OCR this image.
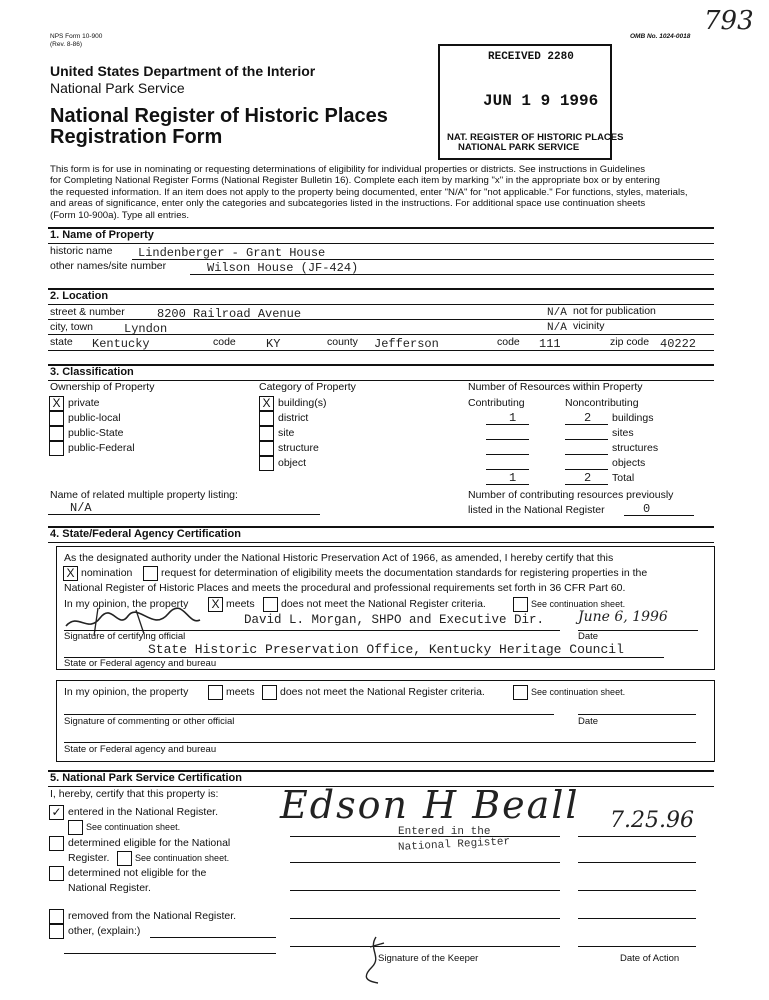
NPS Form 10-900
(Rev. 8-86)
OMB No. 1024-0018
793
United States Department of the Interior
National Park Service
National Register of Historic Places
Registration Form
RECEIVED 2280
JUN 1 9 1996
NAT. REGISTER OF HISTORIC PLACES
NATIONAL PARK SERVICE
This form is for use in nominating or requesting determinations of eligibility for individual properties or districts. See instructions in Guidelines
for Completing National Register Forms (National Register Bulletin 16). Complete each item by marking "x" in the appropriate box or by entering
the requested information. If an item does not apply to the property being documented, enter "N/A" for "not applicable." For functions, styles, materials,
and areas of significance, enter only the categories and subcategories listed in the instructions. For additional space use continuation sheets
(Form 10-900a). Type all entries.
1. Name of Property
historic name Lindenberger - Grant House
other names/site number	Wilson House (JF-424)
2. Location
street & number	8200 Railroad Avenue	N/A not for publication
city, town	Lyndon	N/A vicinity
state Kentucky	code	KY	county Jefferson	code 111	zip code 40222
3. Classification
Ownership of Property
X private
public-local
public-State
public-Federal
Category of Property
X building(s)
district
site
structure
object
Number of Resources within Property
Contributing	Noncontributing
1	2 buildings
sites
structures
objects
1	2 Total
Name of related multiple property listing:
N/A
Number of contributing resources previously
listed in the National Register	0
4. State/Federal Agency Certification
As the designated authority under the National Historic Preservation Act of 1966, as amended, I hereby certify that this
X nomination	request for determination of eligibility meets the documentation standards for registering properties in the
National Register of Historic Places and meets the procedural and professional requirements set forth in 36 CFR Part 60.
In my opinion, the property X meets	does not meet the National Register criteria.	See continuation sheet.
David L. Morgan, SHPO and Executive Dir. June 6, 1996
Signature of certifying official	Date
State Historic Preservation Office, Kentucky Heritage Council
State or Federal agency and bureau
In my opinion, the property	meets does not meet the National Register criteria.	See continuation sheet.
Signature of commenting or other official	Date
State or Federal agency and bureau
5. National Park Service Certification
I, hereby, certify that this property is:
✓ entered in the National Register.
See continuation sheet.
determined eligible for the National
Register.	See continuation sheet.
determined not eligible for the
National Register.
removed from the National Register.
other, (explain:)
Edson H Beall
Entered in the
National Register
7.25.96
Signature of the Keeper	Date of Action
